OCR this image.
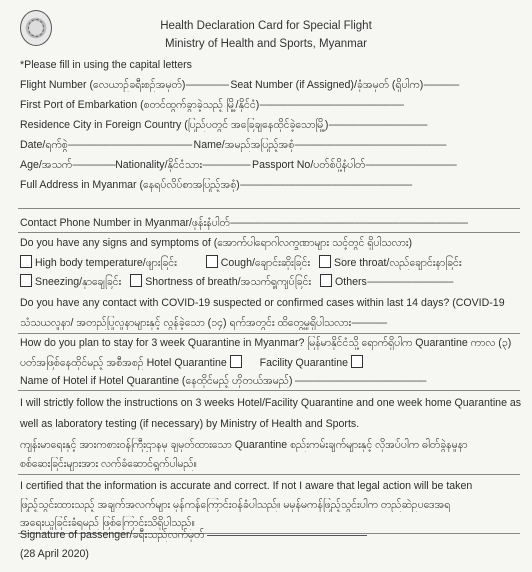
Health Declaration Card for Special Flight
Ministry of Health and Sports, Myanmar
*Please fill in using the capital letters
Flight Number (လေယာဉ်ခရီးစဉ်အမှတ်)----------------- Seat Number (if Assigned)/ခုံအမှတ် (ရှိပါက)--------------
First Port of Embarkation (စတင်ထွက်ခွာခဲ့သည့် မြို့/နိုင်ငံ)---------------------------------------------------------
Residence City in Foreign Country (ပြည်ပတွင် အခြေချနေထိုင်ခဲ့သောမြို့)---------------------------------------
Date/ရက်စွဲ------------------------------------------------- Name/အမည်အပြည့်အစုံ------------------------------------------------------------
Age/အသက်-----------------Nationality/နိုင်ငံသား------------------- Passport No/ပတ်စ်ပို့နံပါတ်------------------------------------
Full Address in Myanmar (နေရပ်လိပ်စာအပြည့်အစုံ)--------------------------------------------------------------------
Contact Phone Number in Myanmar/ဖုန်းနံပါတ်----------------------------------------------------------------------------------------------
Do you have any signs and symptoms of (အောက်ပါရောဂါလက္ခဏာများ သင့်တွင် ရှိပါသလား)
High body temperature/ဖျားခြင်း	Cough/ချောင်းဆိုးခြင်း Sore throat/လည်ချောင်းနာခြင်း
Sneezing/နှာချေခြင်း Shortness of breath/အသက်ရှူကျပ်ခြင်း Others----------------------------------
Do you have any contact with COVID-19 suspected or confirmed cases within last 14 days? (COVID-19
သံသယလူနာ/ အတည်ပြုလူနာများနှင့် လွန်ခဲ့သော (၁၄) ရက်အတွင်း ထိတွေ့မှုရှိပါသလား--------------
How do you plan to stay for 3 week Quarantine in Myanmar? မြန်မာနိုင်ငံသို့ ရောက်ရှိပါက Quarantine ကာလ (၃)
ပတ်အဖြစ်နေထိုင်မည့် အစီအစဉ် Hotel Quarantine	Facility Quarantine
Name of Hotel if Hotel Quarantine (နေထိုင်မည့် ဟိုတယ်အမည်) ----------------------------------------------------
I will strictly follow the instructions on 3 weeks Hotel/Facility Quarantine and one week home Quarantine as
well as laboratory testing (if necessary) by Ministry of Health and Sports.
ကျန်းမာရေးနှင့် အားကစားဝန်ကြီးဌာနမှ ချမှတ်ထားသော Quarantine စည်းကမ်းချက်များနှင့် လိုအပ်ပါက ဓါတ်ခွဲနမူနာ
စစ်ဆေးခြင်းများအား လက်ခံဆောင်ရွက်ပါမည်။
I certified that the information is accurate and correct. If not I aware that legal action will be taken
ဖြည့်သွင်းထားသည့် အချက်အလက်များ မှန်ကန်ကြောင်းဝန်ခံပါသည်။ မမှန်မကန်ဖြည့်သွင်းပါက တည်ဆဲဥပဒေအရ
အရေးယူခြင်းခံရမည် ဖြစ်ကြောင်းသိရှိပါသည်။
Signature of passenger/ခရီးသည်လက်မှတ်
(28 April 2020)
